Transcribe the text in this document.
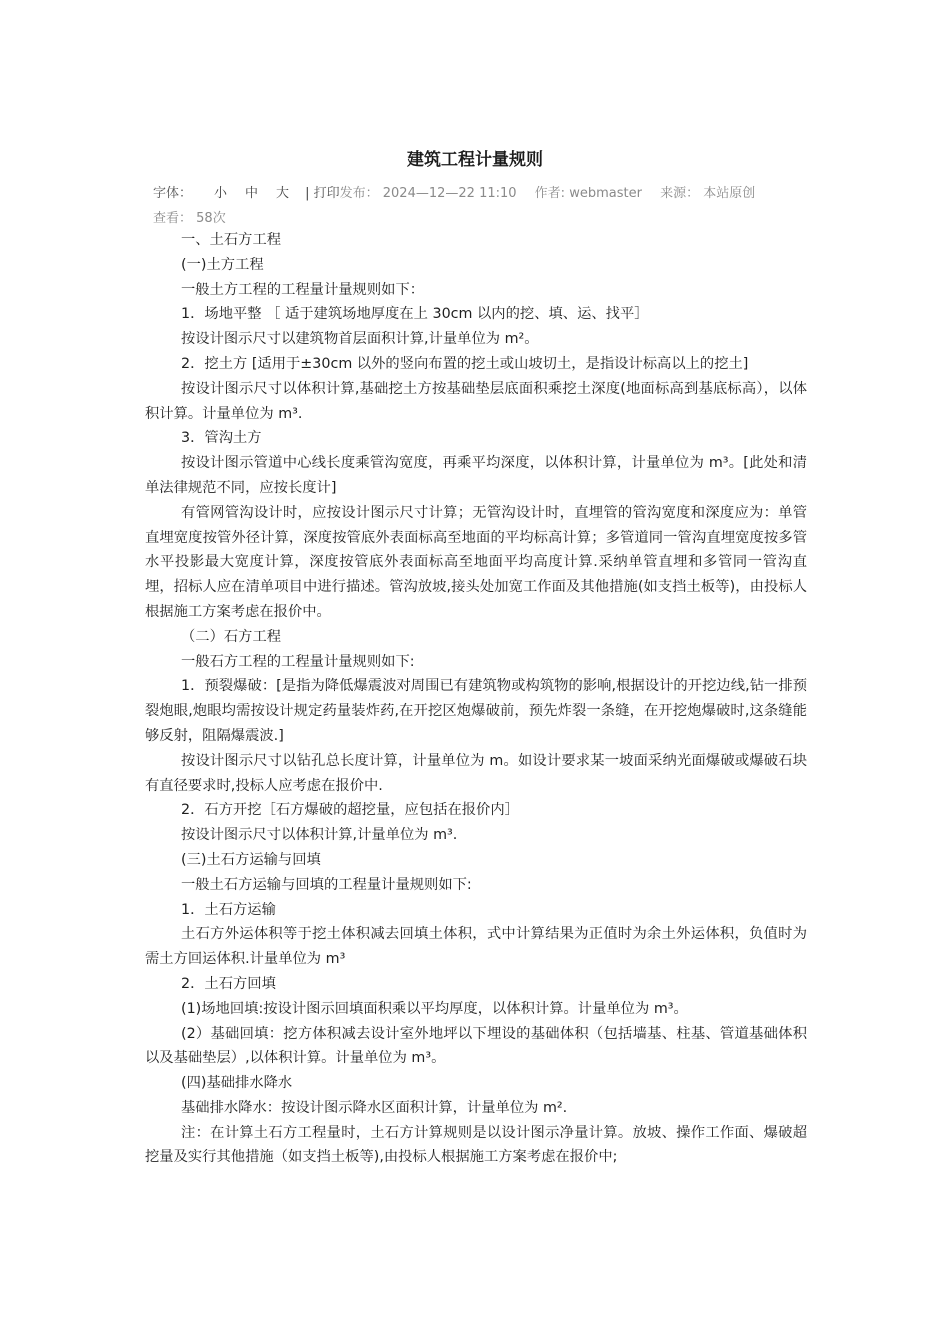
建筑工程计量规则
字体： 小 中 大 | 打印发布： 2024—12—22 11:10 作者: webmaster 来源： 本站原创
查看： 58次

一、土石方工程

(一)土方工程

一般土方工程的工程量计量规则如下：

1．场地平整 ［ 适于建筑场地厚度在上 30cm 以内的挖、填、运、找平］

按设计图示尺寸以建筑物首层面积计算,计量单位为 m²。

2．挖土方 [适用于±30cm 以外的竖向布置的挖土或山坡切土，是指设计标高以上的挖土]

按设计图示尺寸以体积计算,基础挖土方按基础垫层底面积乘挖土深度(地面标高到基底标高），以体积计算。计量单位为 m³.

3．管沟土方

按设计图示管道中心线长度乘管沟宽度，再乘平均深度，以体积计算，计量单位为 m³。[此处和清单法律规范不同，应按长度计]

有管网管沟设计时，应按设计图示尺寸计算；无管沟设计时，直埋管的管沟宽度和深度应为：单管直埋宽度按管外径计算，深度按管底外表面标高至地面的平均标高计算；多管道同一管沟直埋宽度按多管水平投影最大宽度计算，深度按管底外表面标高至地面平均高度计算.采纳单管直埋和多管同一管沟直埋，招标人应在清单项目中进行描述。管沟放坡,接头处加宽工作面及其他措施(如支挡土板等)，由投标人根据施工方案考虑在报价中。

（二）石方工程

一般石方工程的工程量计量规则如下:

1．预裂爆破：[是指为降低爆震波对周围已有建筑物或构筑物的影响,根据设计的开挖边线,钻一排预裂炮眼,炮眼均需按设计规定药量装炸药,在开挖区炮爆破前，预先炸裂一条缝，在开挖炮爆破时,这条缝能够反射，阻隔爆震波.]

按设计图示尺寸以钻孔总长度计算，计量单位为 m。如设计要求某一坡面采纳光面爆破或爆破石块有直径要求时,投标人应考虑在报价中.

2．石方开挖［石方爆破的超挖量，应包括在报价内］

按设计图示尺寸以体积计算,计量单位为 m³.

(三)土石方运输与回填

一般土石方运输与回填的工程量计量规则如下:

1．土石方运输

土石方外运体积等于挖土体积减去回填土体积，式中计算结果为正值时为余土外运体积，负值时为需土方回运体积.计量单位为 m³

2．土石方回填

(1)场地回填:按设计图示回填面积乘以平均厚度，以体积计算。计量单位为 m³。

(2）基础回填：挖方体积减去设计室外地坪以下埋设的基础体积（包括墙基、柱基、管道基础体积以及基础垫层）,以体积计算。计量单位为 m³。

(四)基础排水降水

基础排水降水：按设计图示降水区面积计算，计量单位为 m².

注：在计算土石方工程量时，土石方计算规则是以设计图示净量计算。放坡、操作工作面、爆破超挖量及实行其他措施（如支挡土板等),由投标人根据施工方案考虑在报价中;
